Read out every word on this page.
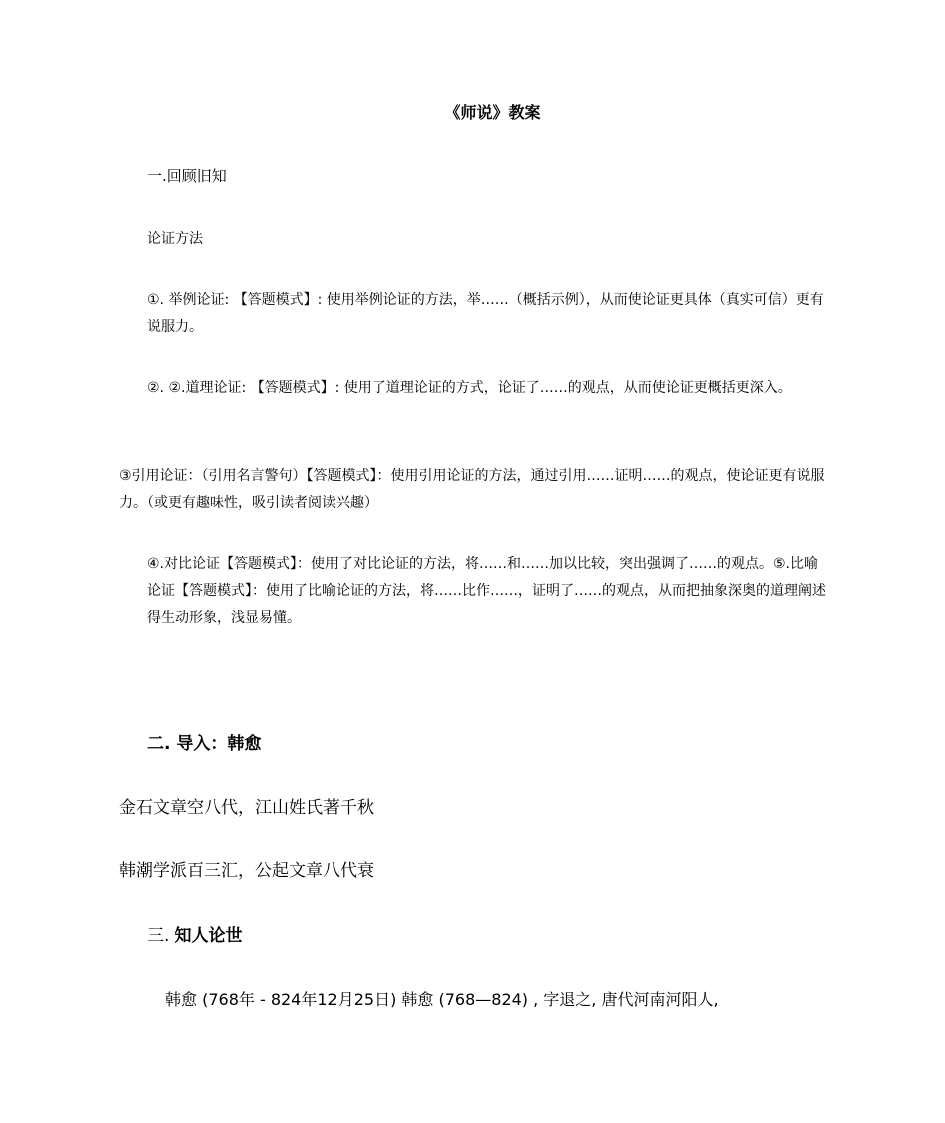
《师说》教案

一.回顾旧知

论证方法

①. 举例论证: 【答题模式】: 使用举例论证的方法，举……（概括示例），从而使论证更具体（真实可信）更有说服力。

②. ②.道理论证: 【答题模式】: 使用了道理论证的方式，论证了……的观点，从而使论证更概括更深入。

③引用论证：（引用名言警句）【答题模式】：使用引用论证的方法，通过引用……证明……的观点，使论证更有说服力。（或更有趣味性，吸引读者阅读兴趣）

④.对比论证【答题模式】：使用了对比论证的方法，将……和……加以比较，突出强调了……的观点。⑤.比喻论证【答题模式】：使用了比喻论证的方法，将……比作……，证明了……的观点，从而把抽象深奥的道理阐述得生动形象，浅显易懂。

二. 导入：韩愈

金石文章空八代，江山姓氏著千秋

韩潮学派百三汇，公起文章八代衰

三. 知人论世

韩愈 (768年 - 824年12月25日) 韩愈 (768—824) , 字退之, 唐代河南河阳人,
